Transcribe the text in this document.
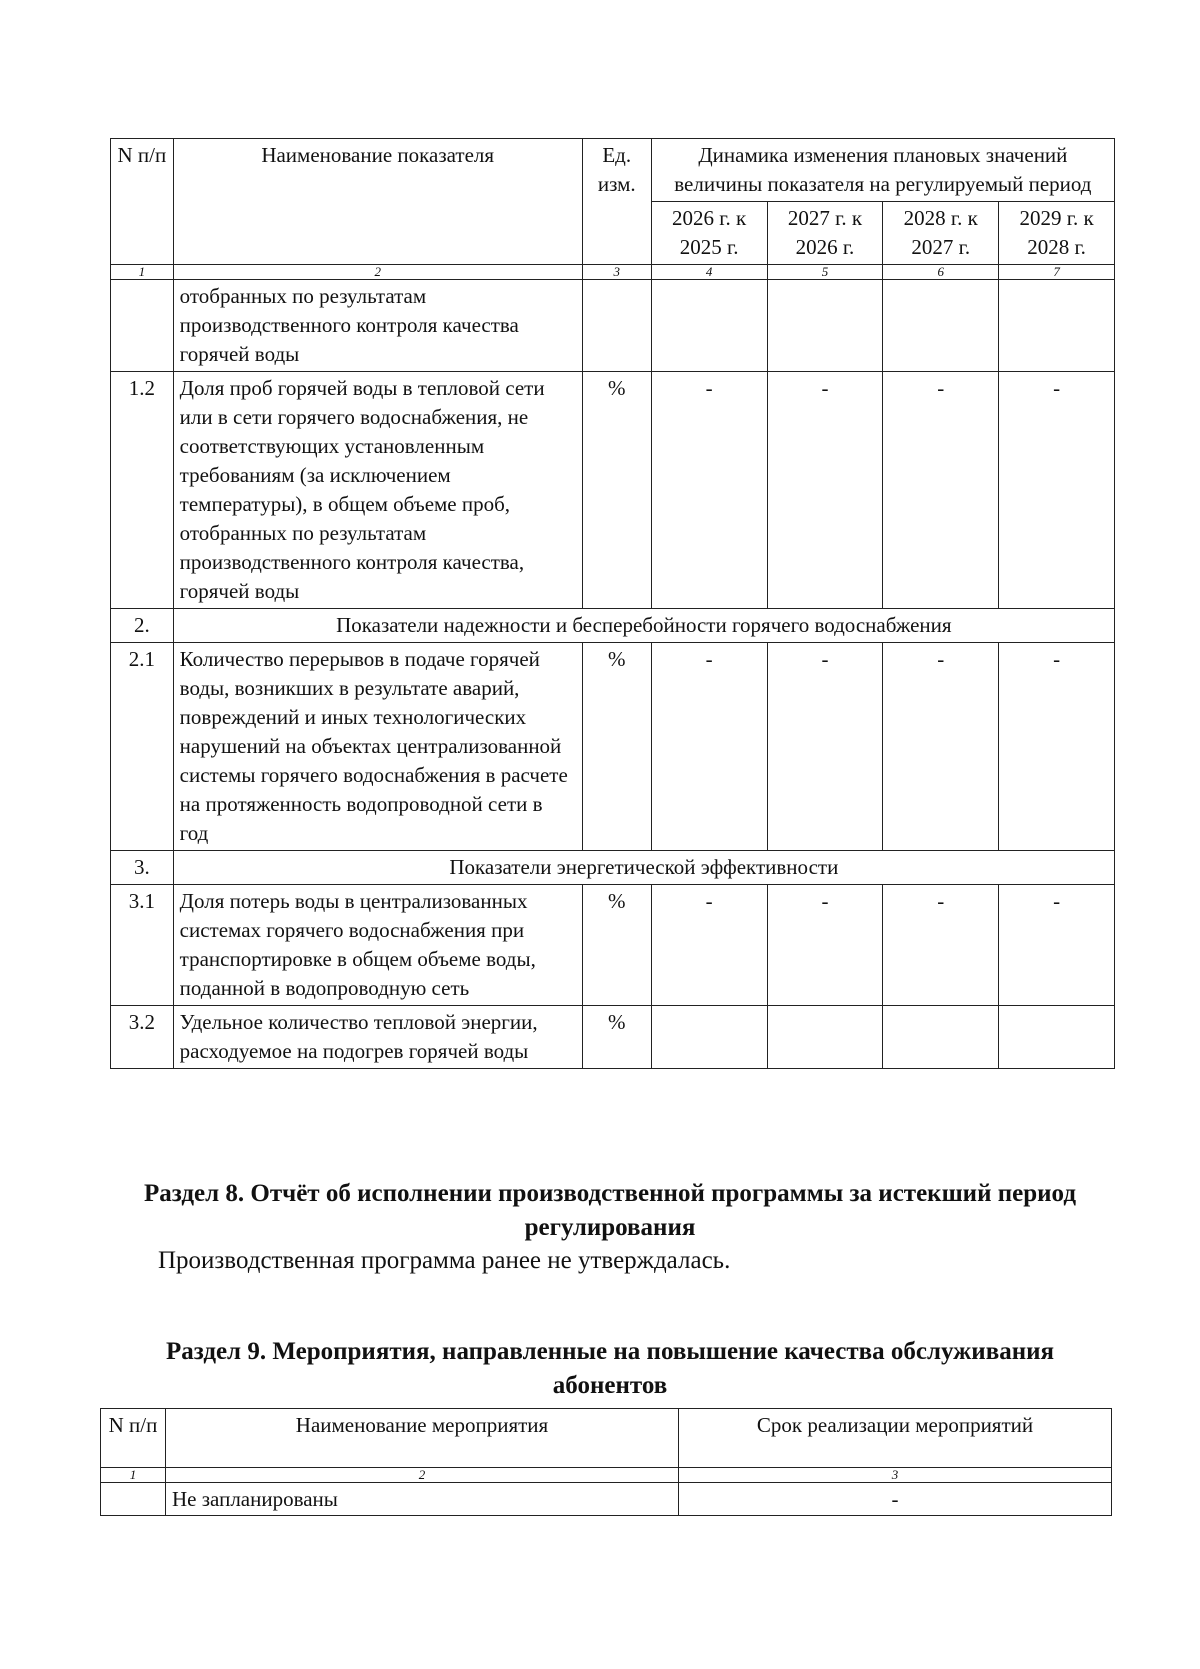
N п/п	Наименование показателя	Ед. изм.	Динамика изменения плановых значений величины показателя на регулируемый период			
			2026 г. к 2025 г.	2027 г. к 2026 г.	2028 г. к 2027 г.	2029 г. к 2028 г.
1	2	3	4	5	6	7
	отобранных по результатам производственного контроля качества горячей воды					
1.2	Доля проб горячей воды в тепловой сети или в сети горячего водоснабжения, не соответствующих установленным требованиям (за исключением температуры), в общем объеме проб, отобранных по результатам производственного контроля качества, горячей воды	%	-	-	-	-
2.	Показатели надежности и бесперебойности горячего водоснабжения					
2.1	Количество перерывов в подаче горячей воды, возникших в результате аварий, повреждений и иных технологических нарушений на объектах централизованной системы горячего водоснабжения в расчете на протяженность водопроводной сети в год	%	-	-	-	-
3.	Показатели энергетической эффективности					
3.1	Доля потерь воды в централизованных системах горячего водоснабжения при транспортировке в общем объеме воды, поданной в водопроводную сеть	%	-	-	-	-
3.2	Удельное количество тепловой энергии, расходуемое на подогрев горячей воды	%				
Раздел 8. Отчёт об исполнении производственной программы за истекший период регулирования

Производственная программа ранее не утверждалась.

Раздел 9. Мероприятия, направленные на повышение качества обслуживания абонентов
N п/п	Наименование мероприятия	Срок реализации мероприятий
1	2	3
	Не запланированы	-
